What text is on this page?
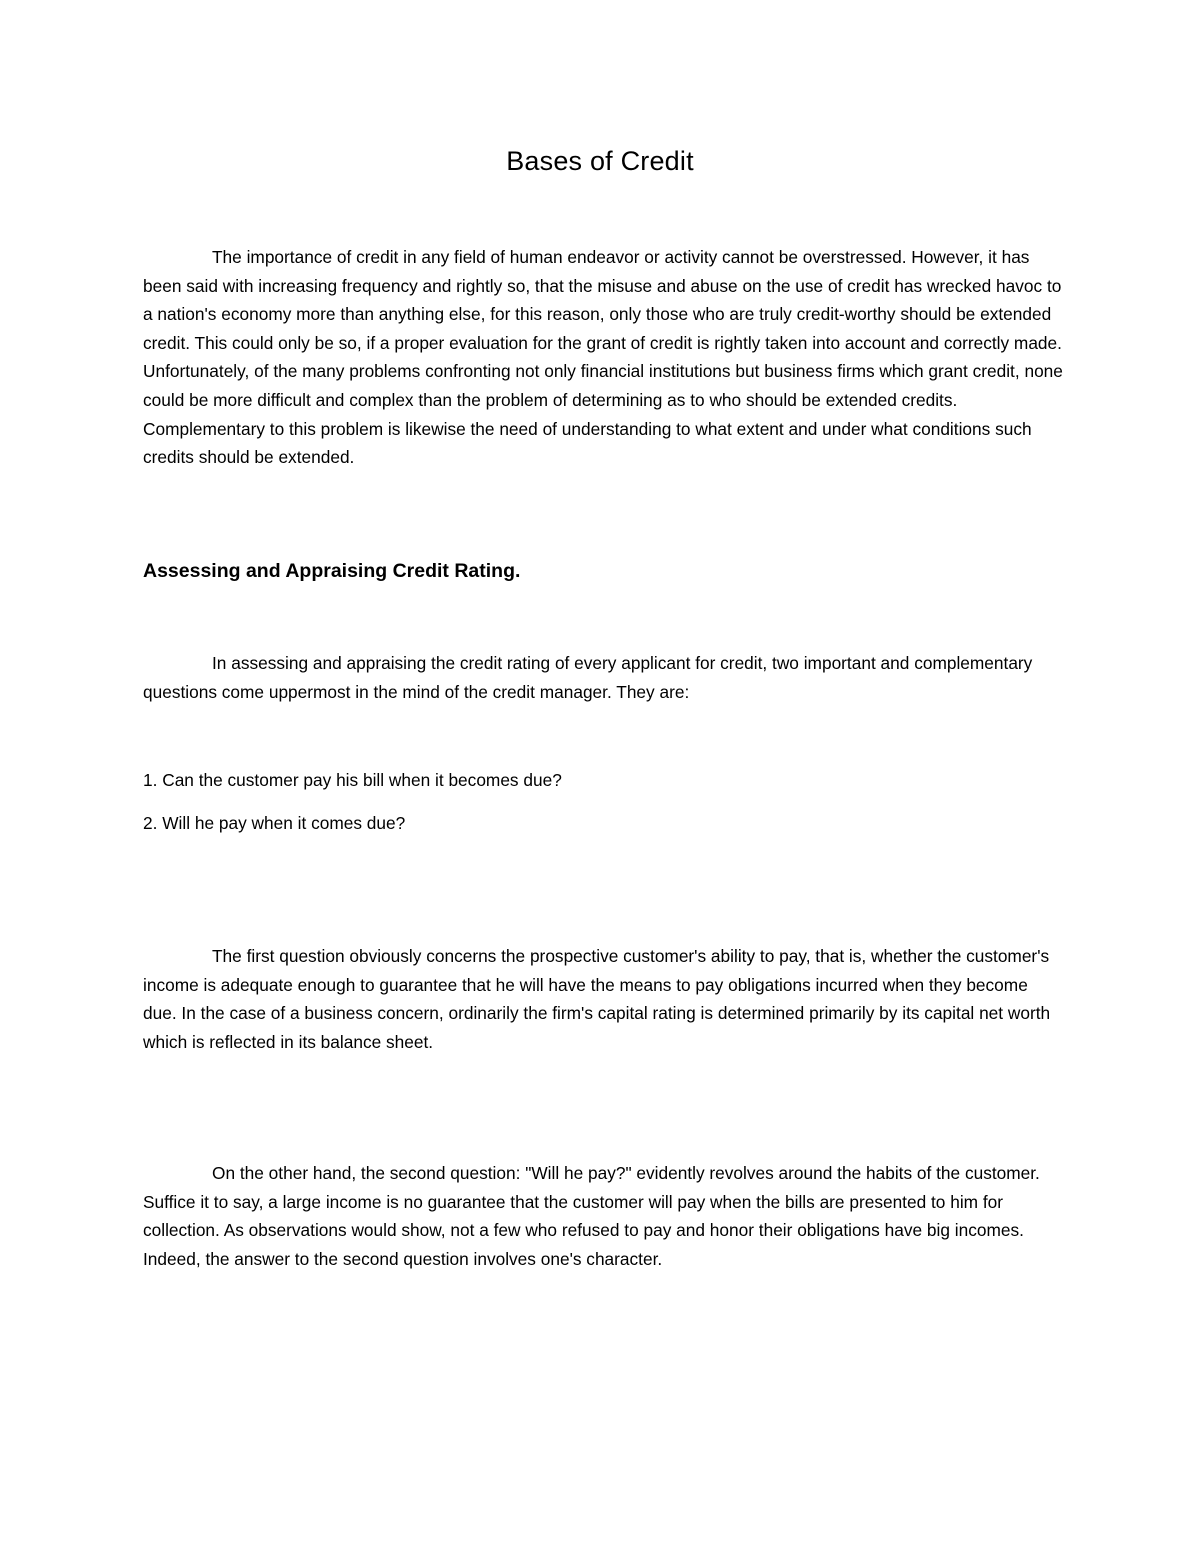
Bases of Credit

The importance of credit in any field of human endeavor or activity cannot be overstressed. However, it has been said with increasing frequency and rightly so, that the misuse and abuse on the use of credit has wrecked havoc to a nation's economy more than anything else, for this reason, only those who are truly credit-worthy should be extended credit. This could only be so, if a proper evaluation for the grant of credit is rightly taken into account and correctly made. Unfortunately, of the many problems confronting not only financial institutions but business firms which grant credit, none could be more difficult and complex than the problem of determining as to who should be extended credits. Complementary to this problem is likewise the need of understanding to what extent and under what conditions such credits should be extended.

Assessing and Appraising Credit Rating.

In assessing and appraising the credit rating of every applicant for credit, two important and complementary questions come uppermost in the mind of the credit manager. They are:

1. Can the customer pay his bill when it becomes due?

2. Will he pay when it comes due?

The first question obviously concerns the prospective customer's ability to pay, that is, whether the customer's income is adequate enough to guarantee that he will have the means to pay obligations incurred when they become due. In the case of a business concern, ordinarily the firm's capital rating is determined primarily by its capital net worth which is reflected in its balance sheet.

On the other hand, the second question: "Will he pay?" evidently revolves around the habits of the customer. Suffice it to say, a large income is no guarantee that the customer will pay when the bills are presented to him for collection. As observations would show, not a few who refused to pay and honor their obligations have big incomes. Indeed, the answer to the second question involves one's character.
